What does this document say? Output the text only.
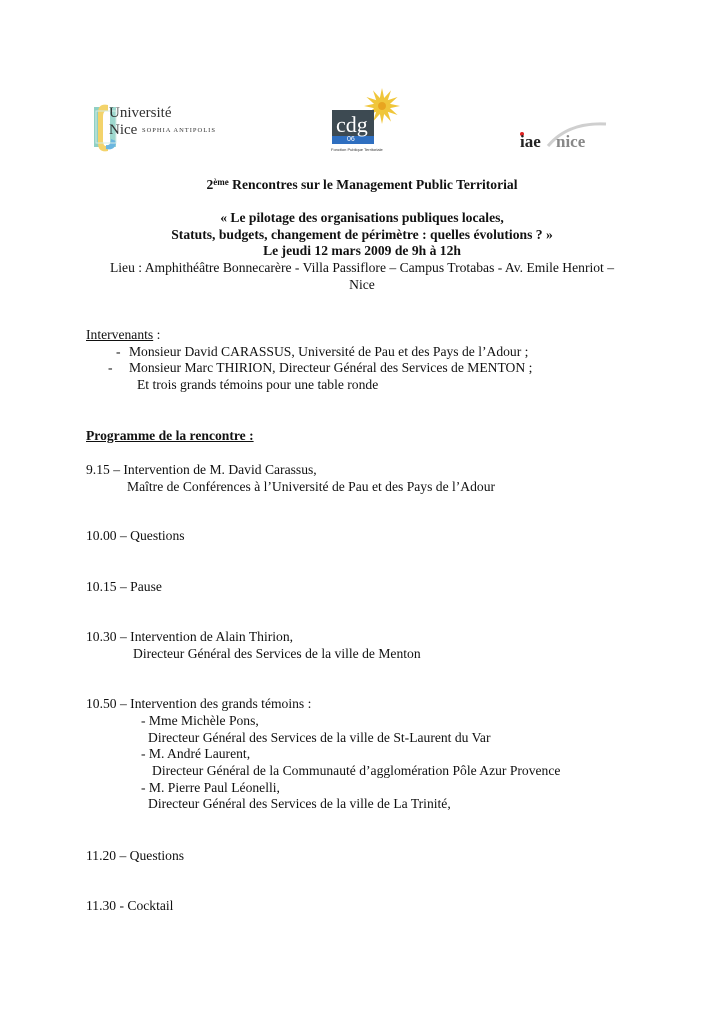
Université
Nice SOPHIA ANTIPOLIS	cdg
06
Fonction Publique Territoriale	iae nice
2ème Rencontres sur le Management Public Territorial
« Le pilotage des organisations publiques locales,
Statuts, budgets, changement de périmètre : quelles évolutions ? »
Le jeudi 12 mars 2009 de 9h à 12h
Lieu : Amphithéâtre Bonnecarère - Villa Passiflore – Campus Trotabas - Av. Emile Henriot –
Nice
Intervenants :
- Monsieur David CARASSUS, Université de Pau et des Pays de l’Adour ;
- Monsieur Marc THIRION, Directeur Général des Services de MENTON ;
Et trois grands témoins pour une table ronde
Programme de la rencontre :
9.15 – Intervention de M. David Carassus,
Maître de Conférences à l’Université de Pau et des Pays de l’Adour
10.00 – Questions
10.15 – Pause
10.30 – Intervention de Alain Thirion,
Directeur Général des Services de la ville de Menton
10.50 – Intervention des grands témoins :
- Mme Michèle Pons,
Directeur Général des Services de la ville de St-Laurent du Var
- M. André Laurent,
Directeur Général de la Communauté d’agglomération Pôle Azur Provence
- M. Pierre Paul Léonelli,
Directeur Général des Services de la ville de La Trinité,
11.20 – Questions
11.30 - Cocktail
